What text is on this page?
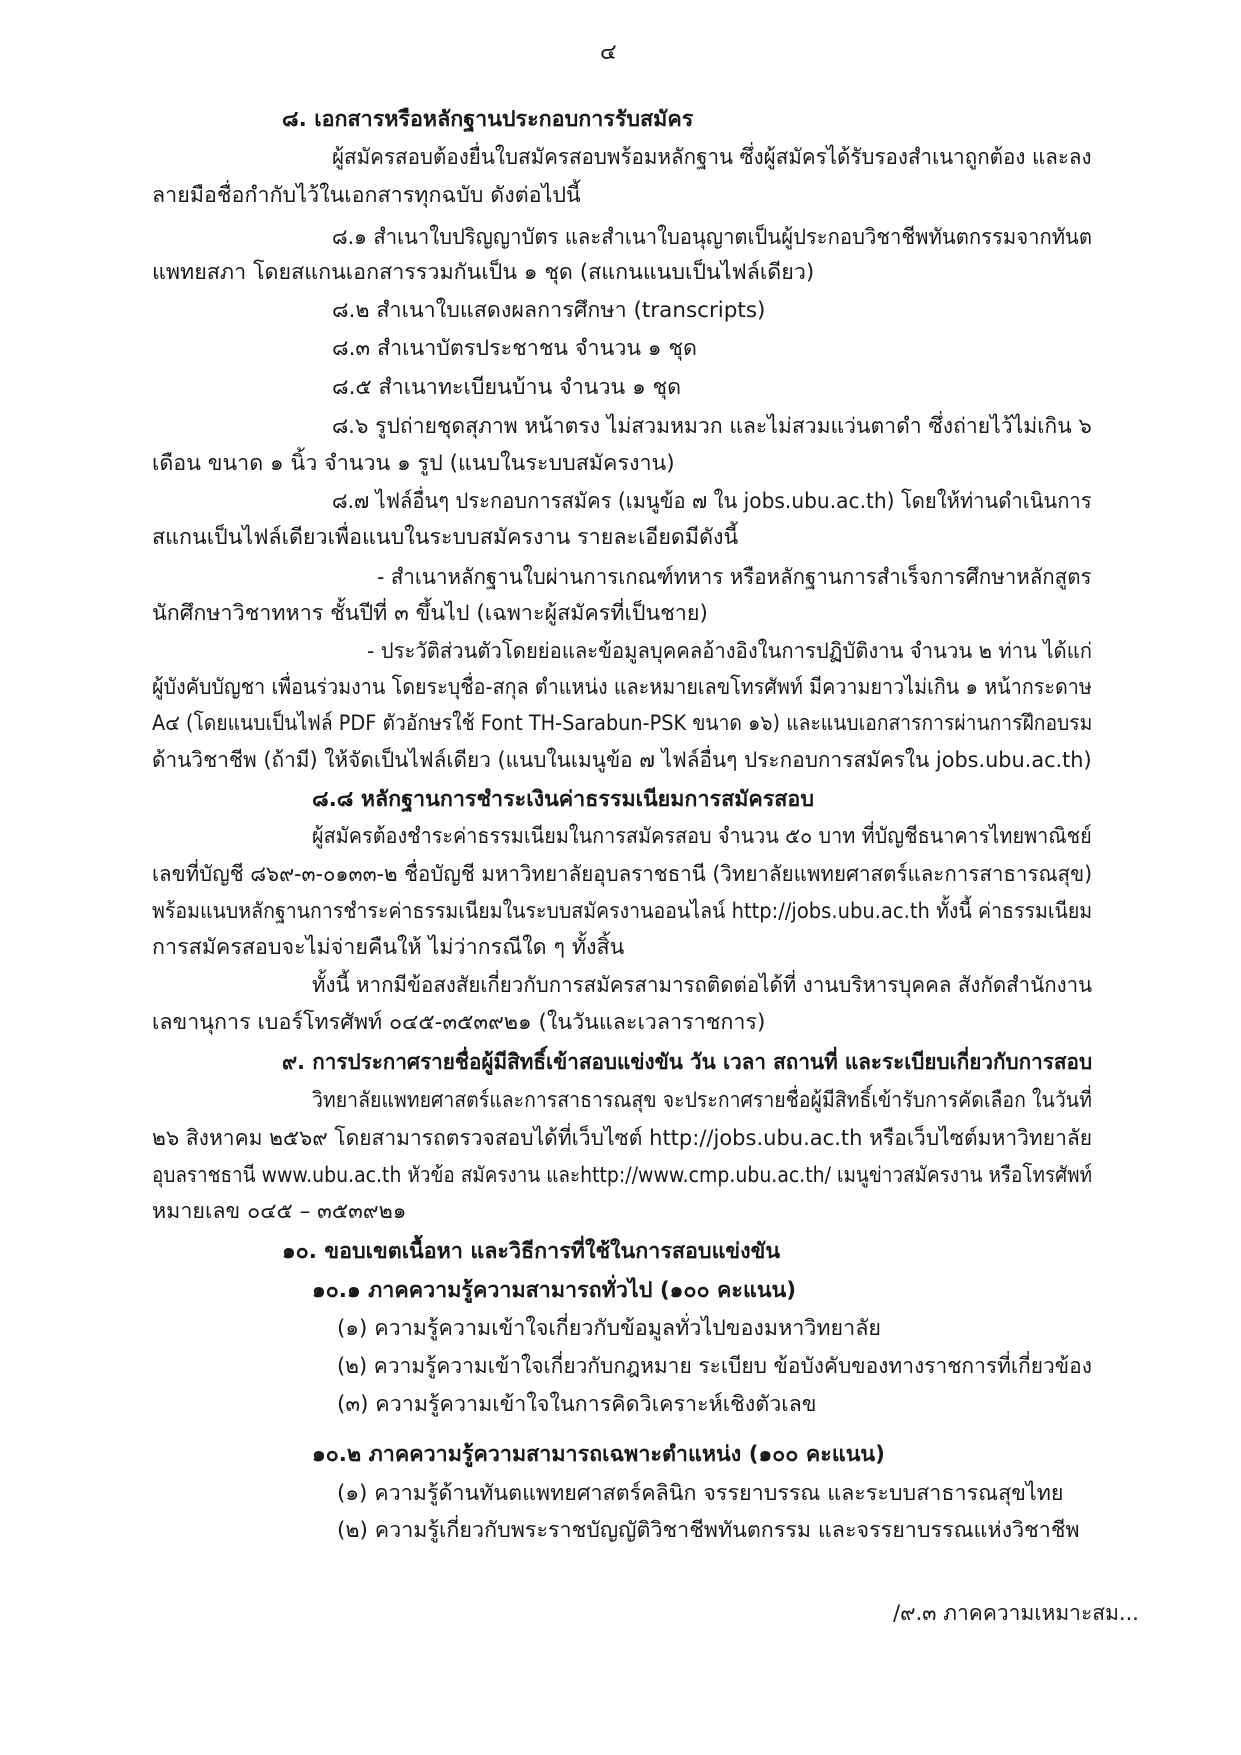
๔
๘. เอกสารหรือหลักฐานประกอบการรับสมัคร
ผู้สมัครสอบต้องยื่นใบสมัครสอบพร้อมหลักฐาน ซึ่งผู้สมัครได้รับรองสำเนาถูกต้อง และลง
ลายมือชื่อกำกับไว้ในเอกสารทุกฉบับ ดังต่อไปนี้
๘.๑ สำเนาใบปริญญาบัตร และสำเนาใบอนุญาตเป็นผู้ประกอบวิชาชีพทันตกรรมจากทันต
แพทยสภา โดยสแกนเอกสารรวมกันเป็น ๑ ชุด (สแกนแนบเป็นไฟล์เดียว)
๘.๒ สำเนาใบแสดงผลการศึกษา (transcripts)
๘.๓ สำเนาบัตรประชาชน จำนวน ๑ ชุด
๘.๕ สำเนาทะเบียนบ้าน จำนวน ๑ ชุด
๘.๖ รูปถ่ายชุดสุภาพ หน้าตรง ไม่สวมหมวก และไม่สวมแว่นตาดำ ซึ่งถ่ายไว้ไม่เกิน ๖
เดือน ขนาด ๑ นิ้ว จำนวน ๑ รูป (แนบในระบบสมัครงาน)
๘.๗ ไฟล์อื่นๆ ประกอบการสมัคร (เมนูข้อ ๗ ใน jobs.ubu.ac.th) โดยให้ท่านดำเนินการ
สแกนเป็นไฟล์เดียวเพื่อแนบในระบบสมัครงาน รายละเอียดมีดังนี้
- สำเนาหลักฐานใบผ่านการเกณฑ์ทหาร หรือหลักฐานการสำเร็จการศึกษาหลักสูตร
นักศึกษาวิชาทหาร ชั้นปีที่ ๓ ขึ้นไป (เฉพาะผู้สมัครที่เป็นชาย)
- ประวัติส่วนตัวโดยย่อและข้อมูลบุคคลอ้างอิงในการปฏิบัติงาน จำนวน ๒ ท่าน ได้แก่
ผู้บังคับบัญชา เพื่อนร่วมงาน โดยระบุชื่อ-สกุล ตำแหน่ง และหมายเลขโทรศัพท์ มีความยาวไม่เกิน ๑ หน้ากระดาษ
A๔ (โดยแนบเป็นไฟล์ PDF ตัวอักษรใช้ Font TH-Sarabun-PSK ขนาด ๑๖) และแนบเอกสารการผ่านการฝึกอบรม
ด้านวิชาชีพ (ถ้ามี) ให้จัดเป็นไฟล์เดียว (แนบในเมนูข้อ ๗ ไฟล์อื่นๆ ประกอบการสมัครใน jobs.ubu.ac.th)
๘.๘ หลักฐานการชำระเงินค่าธรรมเนียมการสมัครสอบ
ผู้สมัครต้องชำระค่าธรรมเนียมในการสมัครสอบ จำนวน ๕๐ บาท ที่บัญชีธนาคารไทยพาณิชย์
เลขที่บัญชี ๘๖๙-๓-๐๑๓๓-๒ ชื่อบัญชี มหาวิทยาลัยอุบลราชธานี (วิทยาลัยแพทยศาสตร์และการสาธารณสุข)
พร้อมแนบหลักฐานการชำระค่าธรรมเนียมในระบบสมัครงานออนไลน์ http://jobs.ubu.ac.th ทั้งนี้ ค่าธรรมเนียม
การสมัครสอบจะไม่จ่ายคืนให้ ไม่ว่ากรณีใด ๆ ทั้งสิ้น
ทั้งนี้ หากมีข้อสงสัยเกี่ยวกับการสมัครสามารถติดต่อได้ที่ งานบริหารบุคคล สังกัดสำนักงาน
เลขานุการ เบอร์โทรศัพท์ ๐๔๕-๓๕๓๙๒๑ (ในวันและเวลาราชการ)
๙. การประกาศรายชื่อผู้มีสิทธิ์เข้าสอบแข่งขัน วัน เวลา สถานที่ และระเบียบเกี่ยวกับการสอบ
วิทยาลัยแพทยศาสตร์และการสาธารณสุข จะประกาศรายชื่อผู้มีสิทธิ์เข้ารับการคัดเลือก ในวันที่
๒๖ สิงหาคม ๒๕๖๙ โดยสามารถตรวจสอบได้ที่เว็บไซต์ http://jobs.ubu.ac.th หรือเว็บไซต์มหาวิทยาลัย
อุบลราชธานี www.ubu.ac.th หัวข้อ สมัครงาน และhttp://www.cmp.ubu.ac.th/ เมนูข่าวสมัครงาน หรือโทรศัพท์
หมายเลข ๐๔๕ – ๓๕๓๙๒๑
๑๐. ขอบเขตเนื้อหา และวิธีการที่ใช้ในการสอบแข่งขัน
๑๐.๑ ภาคความรู้ความสามารถทั่วไป (๑๐๐ คะแนน)
(๑) ความรู้ความเข้าใจเกี่ยวกับข้อมูลทั่วไปของมหาวิทยาลัย
(๒) ความรู้ความเข้าใจเกี่ยวกับกฎหมาย ระเบียบ ข้อบังคับของทางราชการที่เกี่ยวข้อง
(๓) ความรู้ความเข้าใจในการคิดวิเคราะห์เชิงตัวเลข
๑๐.๒ ภาคความรู้ความสามารถเฉพาะตำแหน่ง (๑๐๐ คะแนน)
(๑) ความรู้ด้านทันตแพทยศาสตร์คลินิก จรรยาบรรณ และระบบสาธารณสุขไทย
(๒) ความรู้เกี่ยวกับพระราชบัญญัติวิชาชีพทันตกรรม และจรรยาบรรณแห่งวิชาชีพ
/๙.๓ ภาคความเหมาะสม...
